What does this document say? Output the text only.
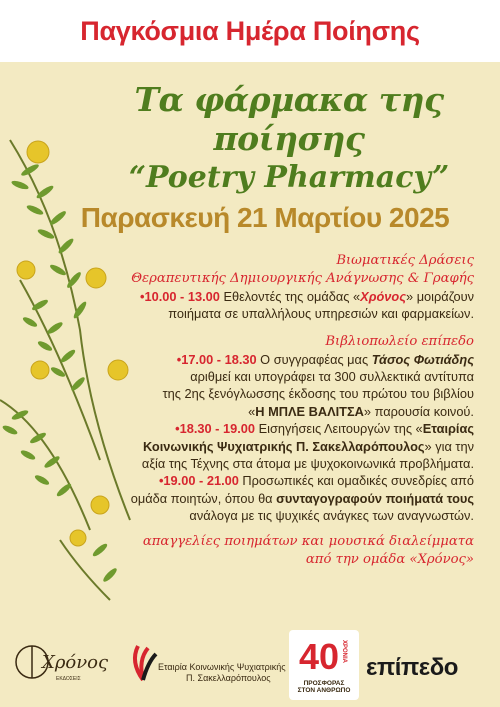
Παγκόσμια Ημέρα Ποίησης
Τα φάρμακα της ποίησης
“Poetry Pharmacy”
Παρασκευή 21 Μαρτίου 2025
Βιωματικές Δράσεις
Θεραπευτικής Δημιουργικής Ανάγνωσης & Γραφής
•10.00 - 13.00 Εθελοντές της ομάδας «Χρόνος» μοιράζουν
ποιήματα σε υπαλλήλους υπηρεσιών και φαρμακείων.
Βιβλιοπωλείο επίπεδο
•17.00 - 18.30 Ο συγγραφέας μας Τάσος Φωτιάδης
αριθμεί και υπογράφει τα 300 συλλεκτικά αντίτυπα
της 2ης ξενόγλωσσης έκδοσης του πρώτου του βιβλίου
«Η ΜΠΛΕ ΒΑΛΙΤΣΑ» παρουσία κοινού.
•18.30 - 19.00 Εισηγήσεις Λειτουργών της «Εταιρίας
Κοινωνικής Ψυχιατρικής Π. Σακελλαρόπουλος» για την
αξία της Τέχνης στα άτομα με ψυχοκοινωνικά προβλήματα.
•19.00 - 21.00 Προσωπικές και ομαδικές συνεδρίες από
ομάδα ποιητών, όπου θα συνταγογραφούν ποιήματά τους
ανάλογα με τις ψυχικές ανάγκες των αναγνωστών.
απαγγελίες ποιημάτων και μουσικά διαλείμματα
από την ομάδα «Χρόνος»
Χρόνος
ΕΚΔΟΣΕΙΣ
Εταιρία Κοινωνικής Ψυχιατρικής
Π. Σακελλαρόπουλος
40 ΧΡΟΝΙΑ
ΠΡΟΣΦΟΡΑΣ
ΣΤΟΝ ΑΝΘΡΩΠΟ
επίπεδο
